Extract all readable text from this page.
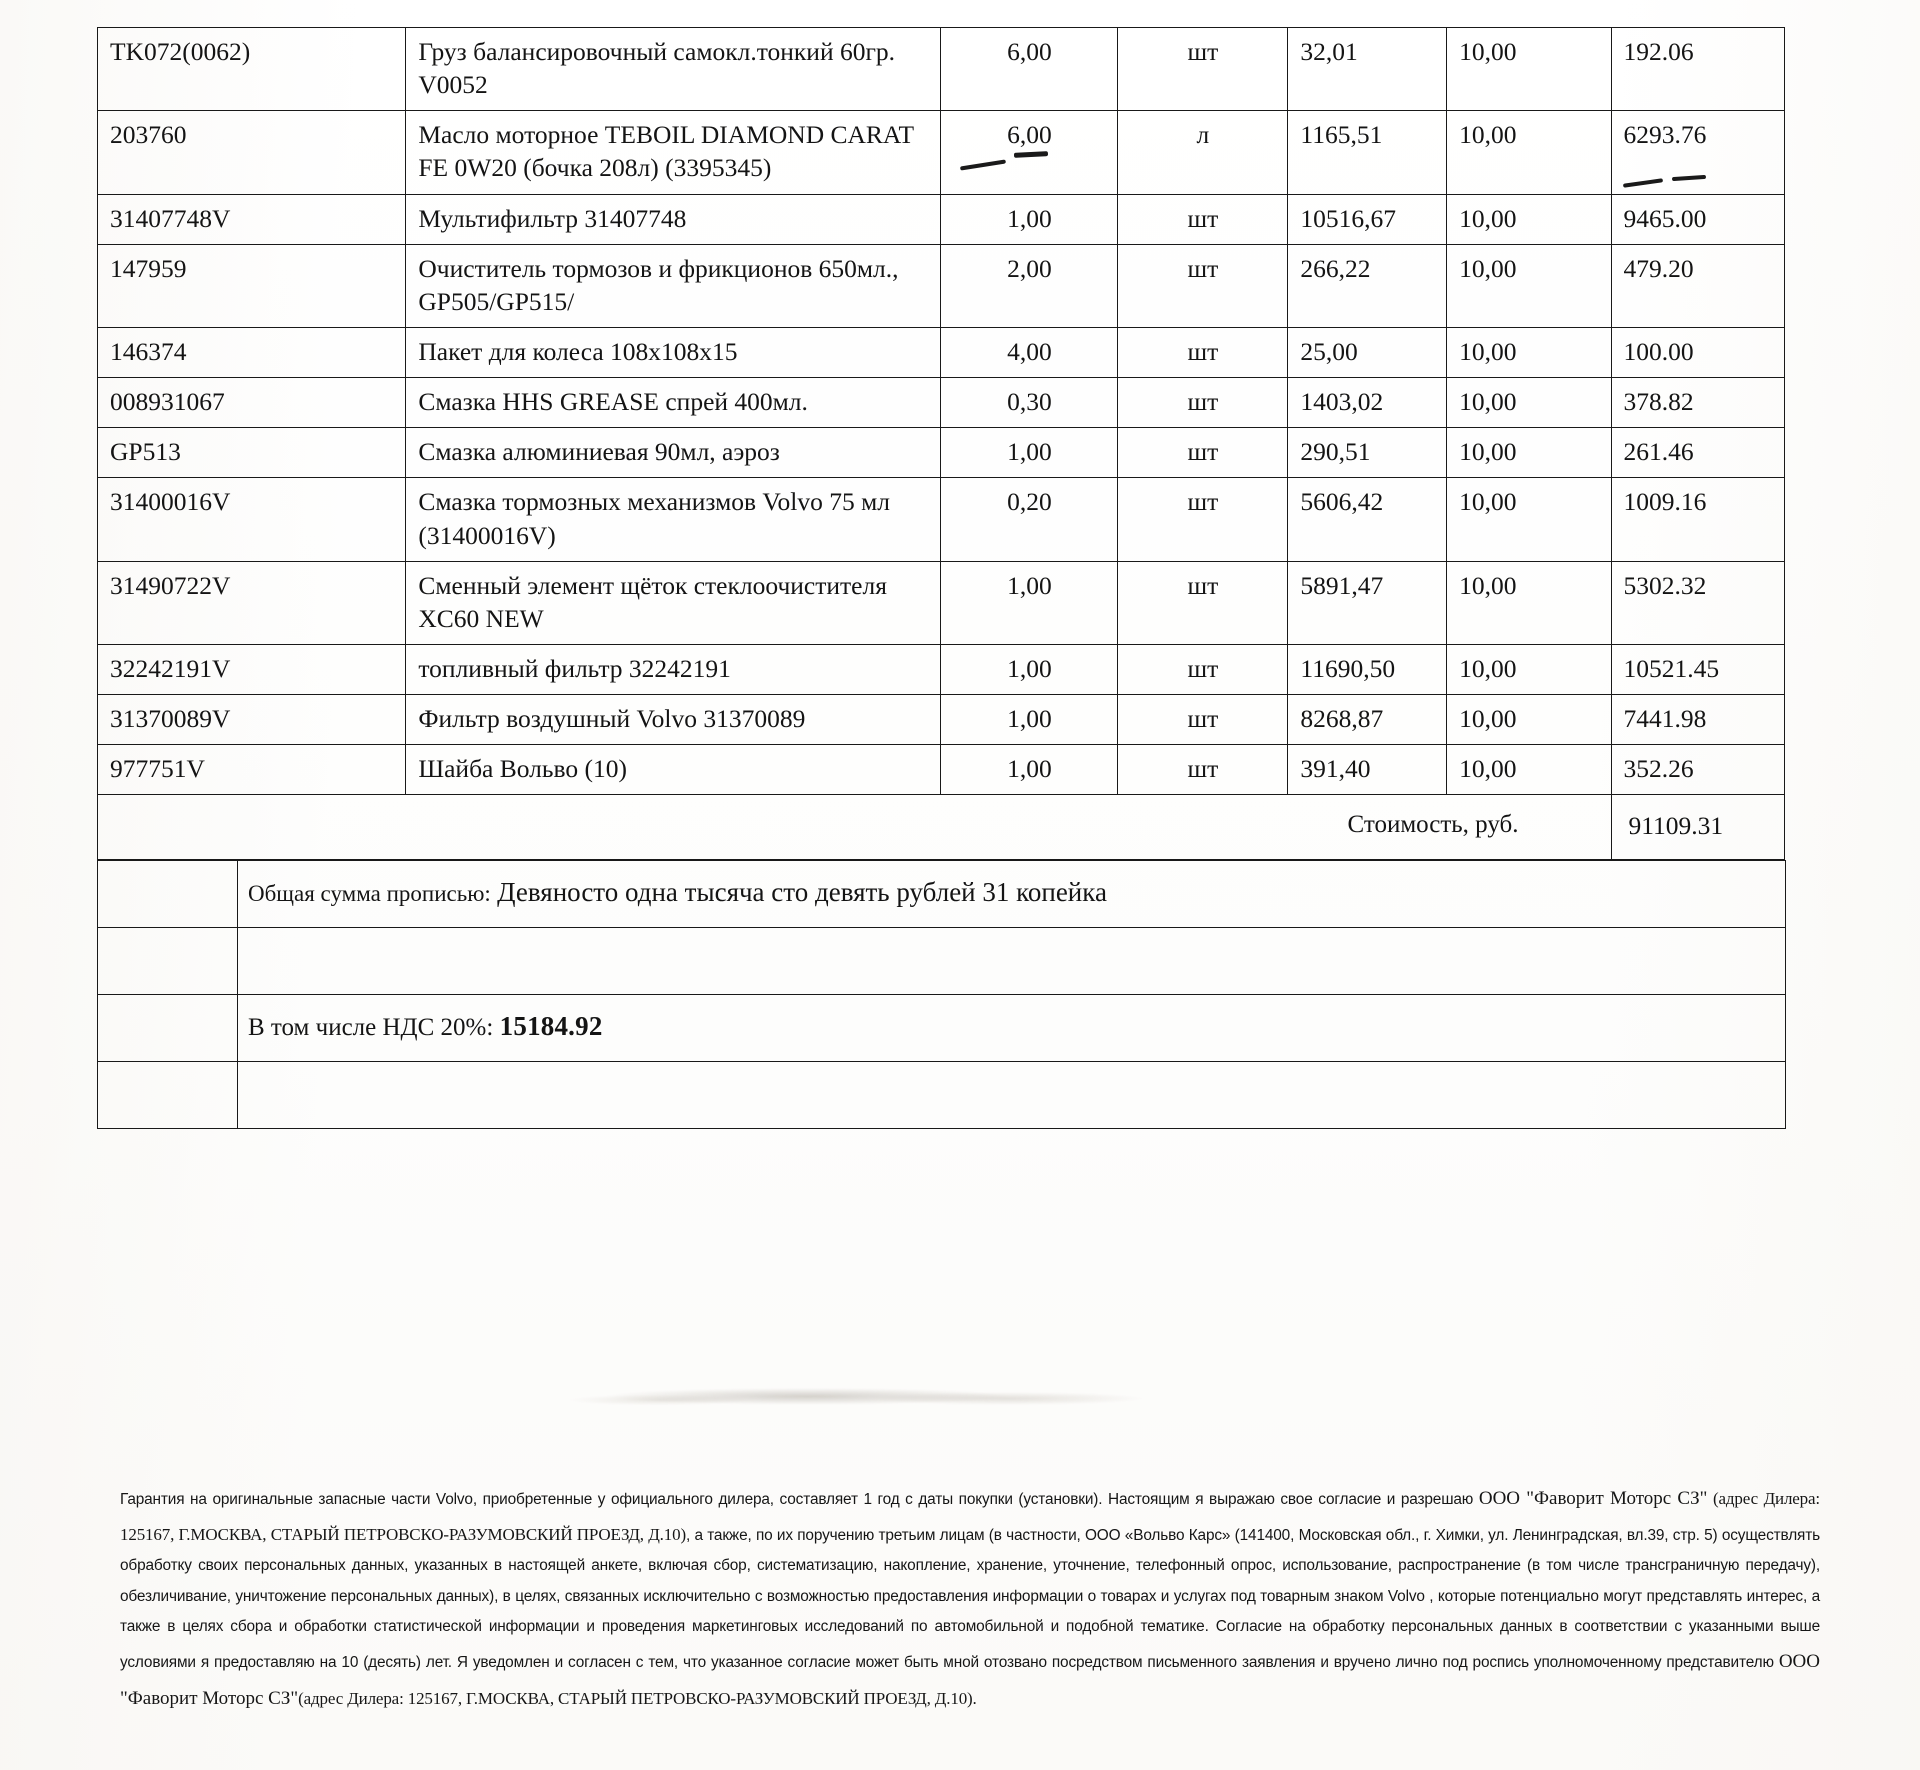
TK072(0062)	Груз балансировочный самокл.тонкий 60гр. V0052	6,00	шт	32,01	10,00	192.06
203760	Масло моторное TEBOIL DIAMOND CARAT FE 0W20 (бочка 208л) (3395345)	6,00	л	1165,51	10,00	6293.76
31407748V	Мультифильтр 31407748	1,00	шт	10516,67	10,00	9465.00
147959	Очиститель тормозов и фрикционов 650мл., GP505/GP515/	2,00	шт	266,22	10,00	479.20
146374	Пакет для колеса 108х108х15	4,00	шт	25,00	10,00	100.00
008931067	Смазка HHS GREASE спрей 400мл.	0,30	шт	1403,02	10,00	378.82
GP513	Смазка алюминиевая 90мл, аэроз	1,00	шт	290,51	10,00	261.46
31400016V	Смазка тормозных механизмов Volvo 75 мл (31400016V)	0,20	шт	5606,42	10,00	1009.16
31490722V	Сменный элемент щёток стеклоочистителя XC60 NEW	1,00	шт	5891,47	10,00	5302.32
32242191V	топливный фильтр 32242191	1,00	шт	11690,50	10,00	10521.45
31370089V	Фильтр воздушный Volvo 31370089	1,00	шт	8268,87	10,00	7441.98
977751V	Шайба Вольво (10)	1,00	шт	391,40	10,00	352.26
Стоимость, руб.						91109.31
	Общая сумма прописью: Девяносто одна тысяча сто девять рублей 31 копейка

	В том числе НДС 20%: 15184.92

Гарантия на оригинальные запасные части Volvo, приобретенные у официального дилера, составляет 1 год с даты покупки (установки). Настоящим я выражаю свое согласие и разрешаю ООО "Фаворит Моторс СЗ" (адрес Дилера: 125167, Г.МОСКВА, СТАРЫЙ ПЕТРОВСКО-РАЗУМОВСКИЙ ПРОЕЗД, Д.10), а также, по их поручению третьим лицам (в частности, ООО «Вольво Карс» (141400, Московская обл., г. Химки, ул. Ленинградская, вл.39, стр. 5) осуществлять обработку своих персональных данных, указанных в настоящей анкете, включая сбор, систематизацию, накопление, хранение, уточнение, телефонный опрос, использование, распространение (в том числе трансграничную передачу), обезличивание, уничтожение персональных данных), в целях, связанных исключительно с возможностью предоставления информации о товарах и услугах под товарным знаком Volvo , которые потенциально могут представлять интерес, а также в целях сбора и обработки статистической информации и проведения маркетинговых исследований по автомобильной и подобной тематике. Согласие на обработку персональных данных в соответствии с указанными выше условиями я предоставляю на 10 (десять) лет. Я уведомлен и согласен с тем, что указанное согласие может быть мной отозвано посредством письменного заявления и вручено лично под роспись уполномоченному представителю ООО "Фаворит Моторс СЗ"(адрес Дилера: 125167, Г.МОСКВА, СТАРЫЙ ПЕТРОВСКО-РАЗУМОВСКИЙ ПРОЕЗД, Д.10).
